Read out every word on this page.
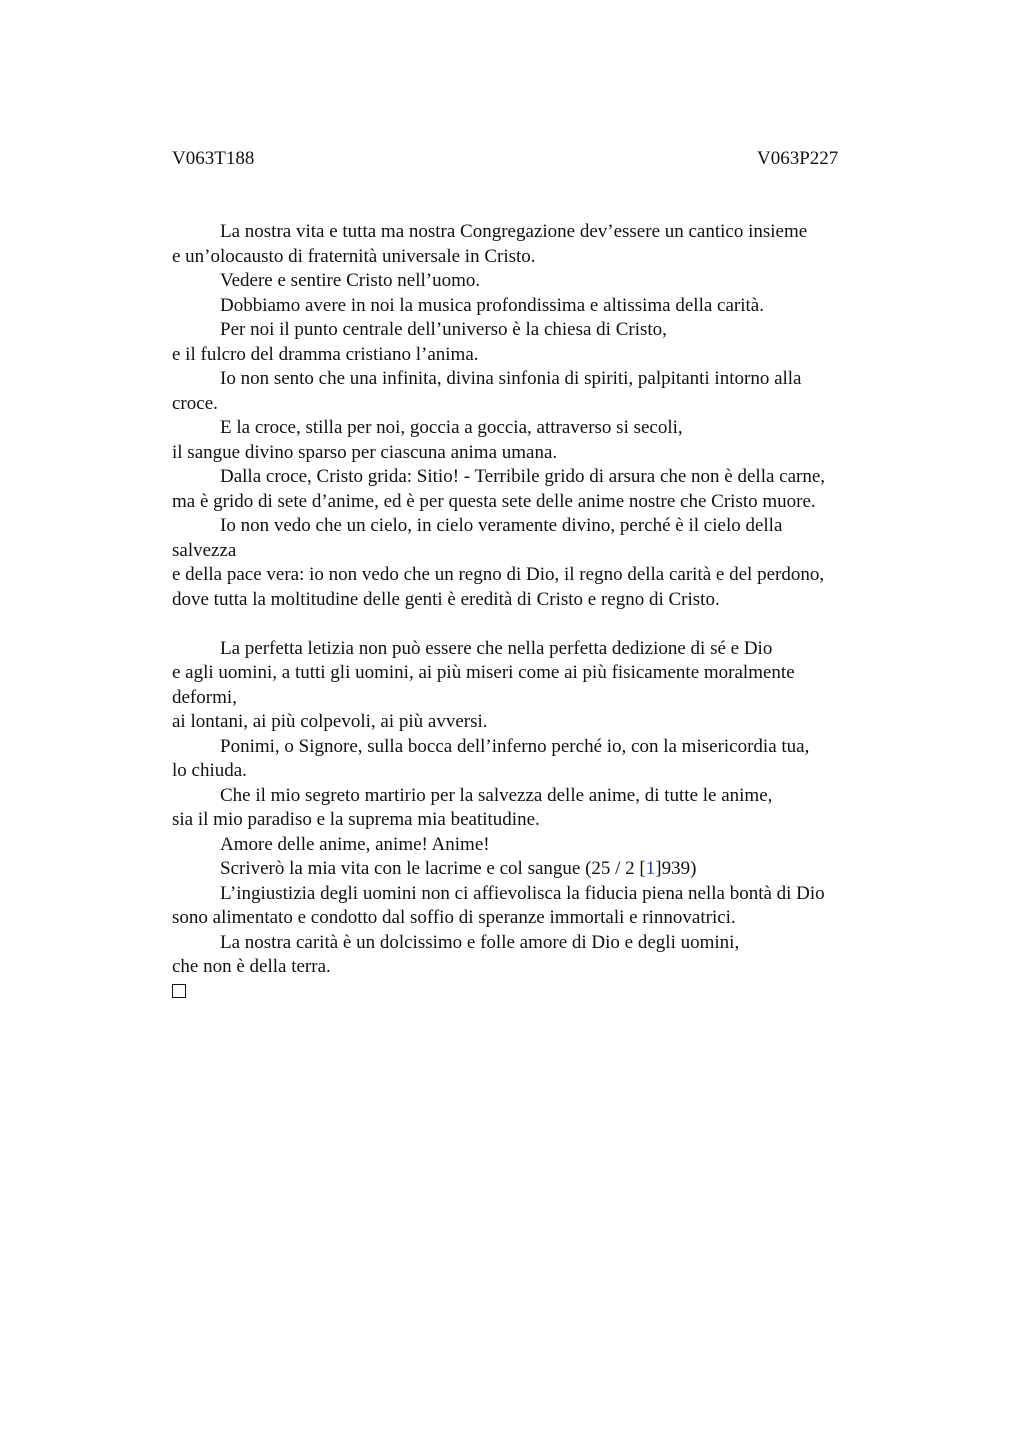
V063T188	V063P227
La nostra vita e tutta ma nostra Congregazione dev’essere un cantico insieme
e un’olocausto di fraternità universale in Cristo.
Vedere e sentire Cristo nell’uomo.
Dobbiamo avere in noi la musica profondissima e altissima della carità.
Per noi il punto centrale dell’universo è la chiesa di Cristo,
e il fulcro del dramma cristiano l’anima.
Io non sento che una infinita, divina sinfonia di spiriti, palpitanti intorno alla
croce.
E la croce, stilla per noi, goccia a goccia, attraverso si secoli,
il sangue divino sparso per ciascuna anima umana.
Dalla croce, Cristo grida: Sitio! - Terribile grido di arsura che non è della carne,
ma è grido di sete d’anime, ed è per questa sete delle anime nostre che Cristo muore.
Io non vedo che un cielo, in cielo veramente divino, perché è il cielo della
salvezza
e della pace vera: io non vedo che un regno di Dio, il regno della carità e del perdono,
dove tutta la moltitudine delle genti è eredità di Cristo e regno di Cristo.
La perfetta letizia non può essere che nella perfetta dedizione di sé e Dio
e agli uomini, a tutti gli uomini, ai più miseri come ai più fisicamente moralmente
deformi,
ai lontani, ai più colpevoli, ai più avversi.
Ponimi, o Signore, sulla bocca dell’inferno perché io, con la misericordia tua,
lo chiuda.
Che il mio segreto martirio per la salvezza delle anime, di tutte le anime,
sia il mio paradiso e la suprema mia beatitudine.
Amore delle anime, anime! Anime!
Scriverò la mia vita con le lacrime e col sangue (25 / 2 [1]939)
L’ingiustizia degli uomini non ci affievolisca la fiducia piena nella bontà di Dio
sono alimentato e condotto dal soffio di speranze immortali e rinnovatrici.
La nostra carità è un dolcissimo e folle amore di Dio e degli uomini,
che non è della terra.
